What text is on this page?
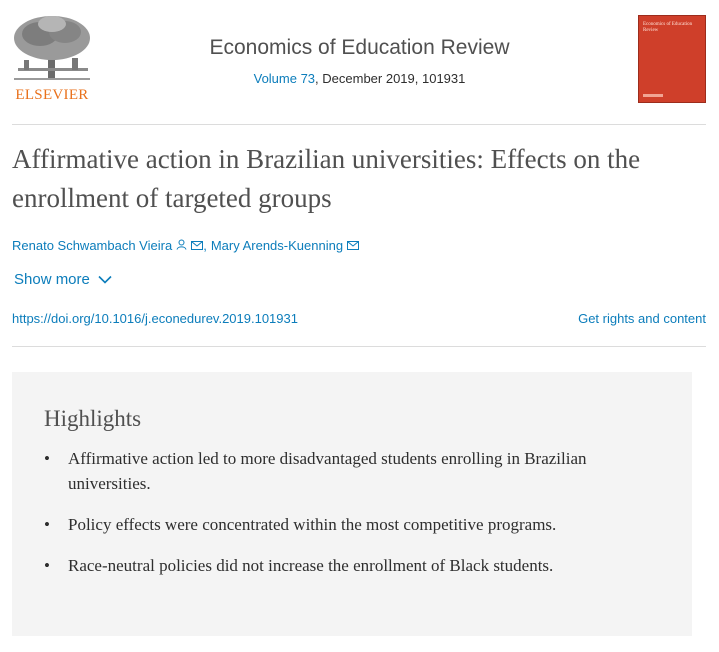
ELSEVIER
Economics of Education Review
Volume 73, December 2019, 101931
Economics of Education Review
Affirmative action in Brazilian universities: Effects on the enrollment of targeted groups
Renato Schwambach Vieira , Mary Arends-Kuenning
Show more
https://doi.org/10.1016/j.econedurev.2019.101931	Get rights and content
Highlights
• Affirmative action led to more disadvantaged students enrolling in Brazilian universities.
• Policy effects were concentrated within the most competitive programs.
• Race-neutral policies did not increase the enrollment of Black students.
